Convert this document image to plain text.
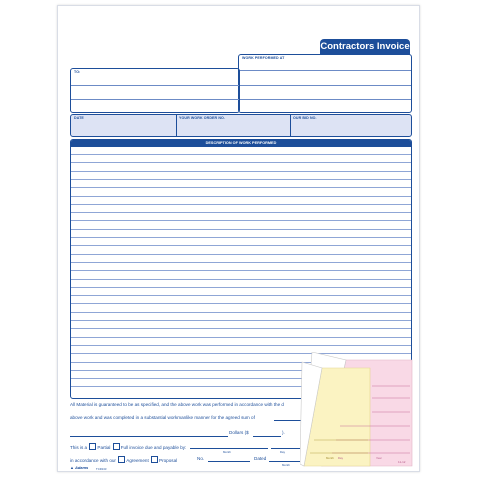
Contractors Invoice
WORK PERFORMED AT
TO:
DATE	YOUR WORK ORDER NO.	OUR BID NO.
DESCRIPTION OF WORK PERFORMED
All Material is guaranteed to be as specified, and the above work was performed in accordance with the d
above work and was completed in a substantial workmanlike manner for the agreed sum of
Dollars ($	).
This is a Partial Full invoice due and payable by:
Month	Day
in accordance with our Agreement Proposal	No.	Dated
Month
▲ Adams	TCR133
Day	Year
11-12
Month
